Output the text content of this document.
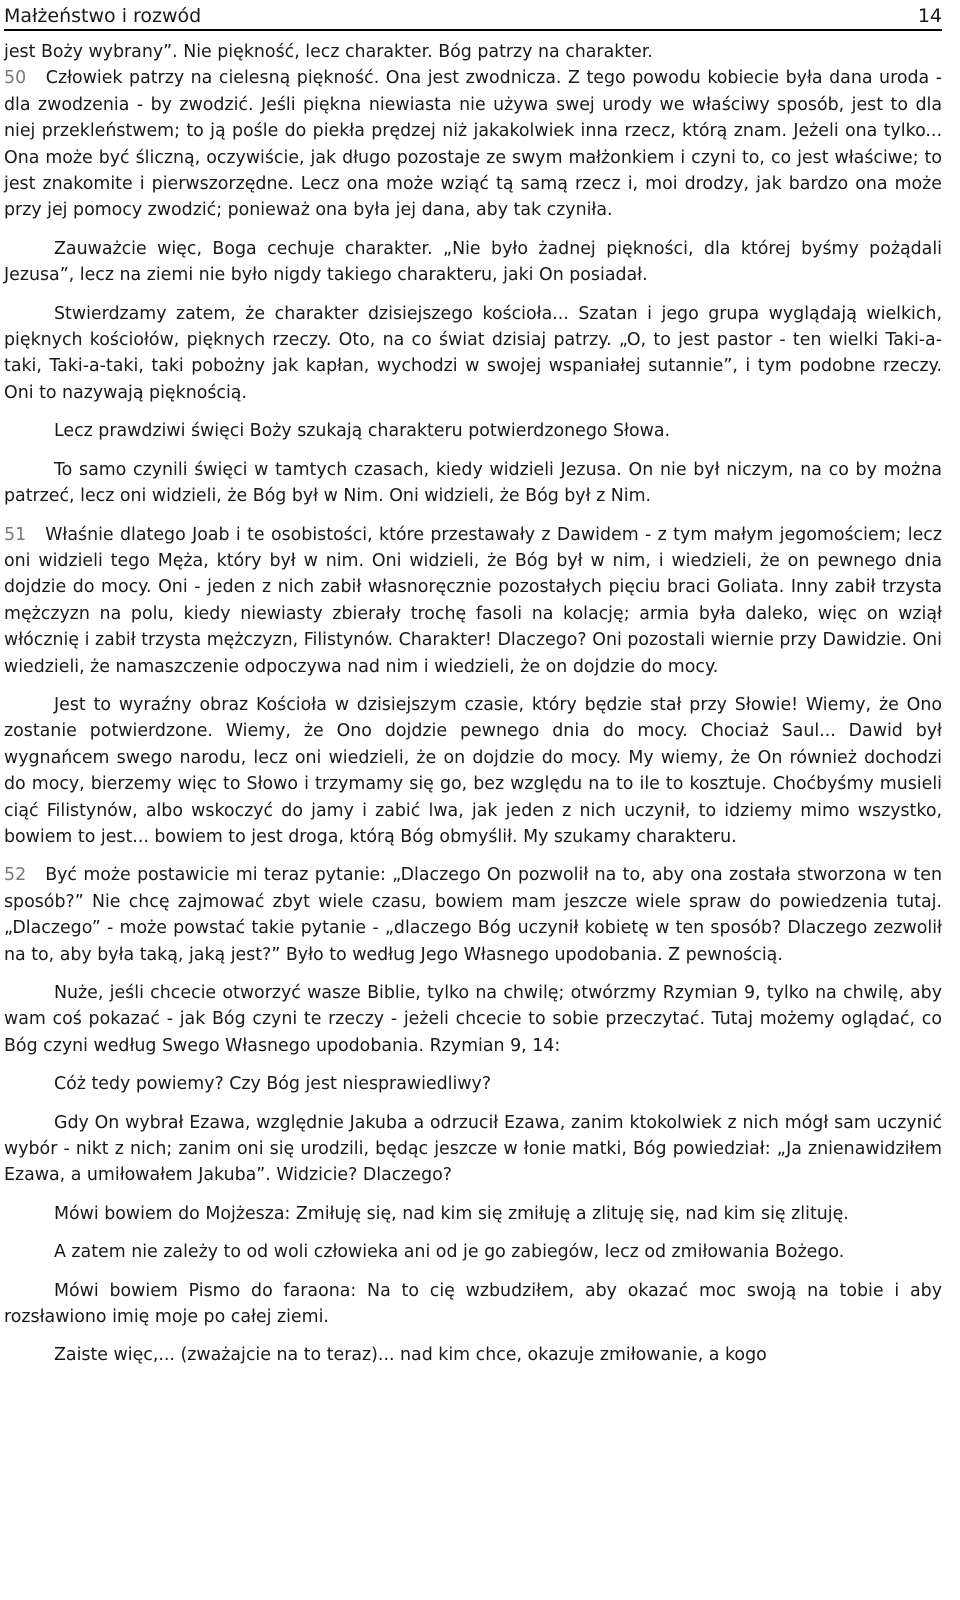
Małżeństwo i rozwód	14

jest Boży wybrany”. Nie piękność, lecz charakter. Bóg patrzy na charakter.

50 Człowiek patrzy na cielesną piękność. Ona jest zwodnicza. Z tego powodu kobiecie była dana uroda - dla zwodzenia - by zwodzić. Jeśli piękna niewiasta nie używa swej urody we właściwy sposób, jest to dla niej przekleństwem; to ją pośle do piekła prędzej niż jakakolwiek inna rzecz, którą znam. Jeżeli ona tylko... Ona może być śliczną, oczywiście, jak długo pozostaje ze swym małżonkiem i czyni to, co jest właściwe; to jest znakomite i pierwszorzędne. Lecz ona może wziąć tą samą rzecz i, moi drodzy, jak bardzo ona może przy jej pomocy zwodzić; ponieważ ona była jej dana, aby tak czyniła.

Zauważcie więc, Boga cechuje charakter. „Nie było żadnej piękności, dla której byśmy pożądali Jezusa”, lecz na ziemi nie było nigdy takiego charakteru, jaki On posiadał.

Stwierdzamy zatem, że charakter dzisiejszego kościoła... Szatan i jego grupa wyglądają wielkich, pięknych kościołów, pięknych rzeczy. Oto, na co świat dzisiaj patrzy. „O, to jest pastor - ten wielki Taki-a-taki, Taki-a-taki, taki pobożny jak kapłan, wychodzi w swojej wspaniałej sutannie”, i tym podobne rzeczy. Oni to nazywają pięknością.

Lecz prawdziwi święci Boży szukają charakteru potwierdzonego Słowa.

To samo czynili święci w tamtych czasach, kiedy widzieli Jezusa. On nie był niczym, na co by można patrzeć, lecz oni widzieli, że Bóg był w Nim. Oni widzieli, że Bóg był z Nim.

51 Właśnie dlatego Joab i te osobistości, które przestawały z Dawidem - z tym małym jegomościem; lecz oni widzieli tego Męża, który był w nim. Oni widzieli, że Bóg był w nim, i wiedzieli, że on pewnego dnia dojdzie do mocy. Oni - jeden z nich zabił własnoręcznie pozostałych pięciu braci Goliata. Inny zabił trzysta mężczyzn na polu, kiedy niewiasty zbierały trochę fasoli na kolację; armia była daleko, więc on wziął włócznię i zabił trzysta mężczyzn, Filistynów. Charakter! Dlaczego? Oni pozostali wiernie przy Dawidzie. Oni wiedzieli, że namaszczenie odpoczywa nad nim i wiedzieli, że on dojdzie do mocy.

Jest to wyraźny obraz Kościoła w dzisiejszym czasie, który będzie stał przy Słowie! Wiemy, że Ono zostanie potwierdzone. Wiemy, że Ono dojdzie pewnego dnia do mocy. Chociaż Saul... Dawid był wygnańcem swego narodu, lecz oni wiedzieli, że on dojdzie do mocy. My wiemy, że On również dochodzi do mocy, bierzemy więc to Słowo i trzymamy się go, bez względu na to ile to kosztuje. Choćbyśmy musieli ciąć Filistynów, albo wskoczyć do jamy i zabić lwa, jak jeden z nich uczynił, to idziemy mimo wszystko, bowiem to jest... bowiem to jest droga, którą Bóg obmyślił. My szukamy charakteru.

52 Być może postawicie mi teraz pytanie: „Dlaczego On pozwolił na to, aby ona została stworzona w ten sposób?” Nie chcę zajmować zbyt wiele czasu, bowiem mam jeszcze wiele spraw do powiedzenia tutaj. „Dlaczego” - może powstać takie pytanie - „dlaczego Bóg uczynił kobietę w ten sposób? Dlaczego zezwolił na to, aby była taką, jaką jest?” Było to według Jego Własnego upodobania. Z pewnością.

Nuże, jeśli chcecie otworzyć wasze Biblie, tylko na chwilę; otwórzmy Rzymian 9, tylko na chwilę, aby wam coś pokazać - jak Bóg czyni te rzeczy - jeżeli chcecie to sobie przeczytać. Tutaj możemy oglądać, co Bóg czyni według Swego Własnego upodobania. Rzymian 9, 14:

Cóż tedy powiemy? Czy Bóg jest niesprawiedliwy?

Gdy On wybrał Ezawa, względnie Jakuba a odrzucił Ezawa, zanim ktokolwiek z nich mógł sam uczynić wybór - nikt z nich; zanim oni się urodzili, będąc jeszcze w łonie matki, Bóg powiedział: „Ja znienawidziłem Ezawa, a umiłowałem Jakuba”. Widzicie? Dlaczego?

Mówi bowiem do Mojżesza: Zmiłuję się, nad kim się zmiłuję a zlituję się, nad kim się zlituję.

A zatem nie zależy to od woli człowieka ani od je go zabiegów, lecz od zmiłowania Bożego.

Mówi bowiem Pismo do faraona: Na to cię wzbudziłem, aby okazać moc swoją na tobie i aby rozsławiono imię moje po całej ziemi.

Zaiste więc,... (zważajcie na to teraz)... nad kim chce, okazuje zmiłowanie, a kogo
